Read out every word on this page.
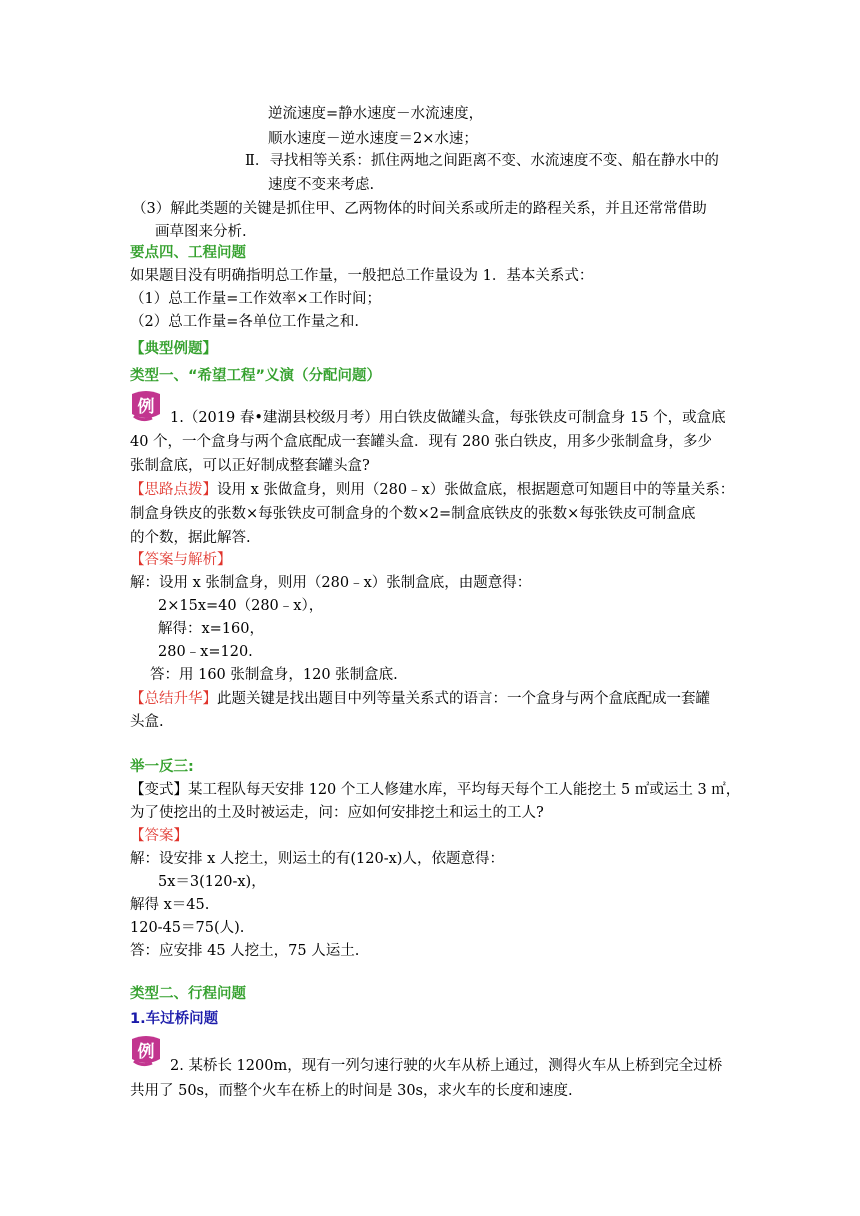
逆流速度=静水速度－水流速度，
顺水速度－逆水速度＝2×水速；
Ⅱ．寻找相等关系：抓住两地之间距离不变、水流速度不变、船在静水中的
速度不变来考虑.
（3）解此类题的关键是抓住甲、乙两物体的时间关系或所走的路程关系，并且还常常借助
画草图来分析.
要点四、工程问题
如果题目没有明确指明总工作量，一般把总工作量设为 1．基本关系式：
（1）总工作量=工作效率×工作时间；
（2）总工作量=各单位工作量之和.
【典型例题】
类型一、“希望工程”义演（分配问题）
例
1.（2019 春•建湖县校级月考）用白铁皮做罐头盒，每张铁皮可制盒身 15 个，或盒底
40 个，一个盒身与两个盒底配成一套罐头盒．现有 280 张白铁皮，用多少张制盒身，多少
张制盒底，可以正好制成整套罐头盒?
【思路点拨】设用 x 张做盒身，则用（280﹣x）张做盒底，根据题意可知题目中的等量关系：
制盒身铁皮的张数×每张铁皮可制盒身的个数×2=制盒底铁皮的张数×每张铁皮可制盒底
的个数，据此解答.
【答案与解析】
解：设用 x 张制盒身，则用（280﹣x）张制盒底，由题意得：
2×15x=40（280﹣x），
解得：x=160，
280﹣x=120.
答：用 160 张制盒身，120 张制盒底.
【总结升华】此题关键是找出题目中列等量关系式的语言：一个盒身与两个盒底配成一套罐
头盒.
举一反三:
【变式】某工程队每天安排 120 个工人修建水库，平均每天每个工人能挖土 5 ㎡或运土 3 ㎡，
为了使挖出的土及时被运走，问：应如何安排挖土和运土的工人?
【答案】
解：设安排 x 人挖土，则运土的有(120-x)人，依题意得：
5x＝3(120-x)，
解得 x＝45.
120-45＝75(人).
答：应安排 45 人挖土，75 人运土.
类型二、行程问题
1.车过桥问题
例
2. 某桥长 1200m，现有一列匀速行驶的火车从桥上通过，测得火车从上桥到完全过桥
共用了 50s，而整个火车在桥上的时间是 30s，求火车的长度和速度.
